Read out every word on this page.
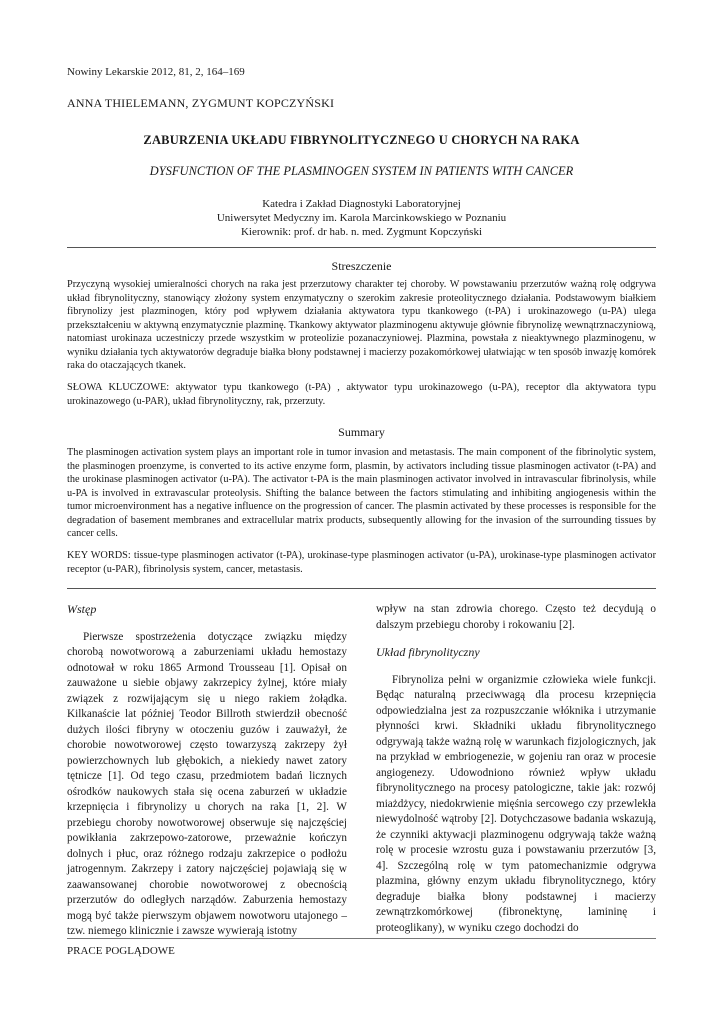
Nowiny Lekarskie 2012, 81, 2, 164–169
ANNA THIELEMANN, ZYGMUNT KOPCZYŃSKI
ZABURZENIA UKŁADU FIBRYNOLITYCZNEGO U CHORYCH NA RAKA
DYSFUNCTION OF THE PLASMINOGEN SYSTEM IN PATIENTS WITH CANCER
Katedra i Zakład Diagnostyki Laboratoryjnej
Uniwersytet Medyczny im. Karola Marcinkowskiego w Poznaniu
Kierownik: prof. dr hab. n. med. Zygmunt Kopczyński
Streszczenie

Przyczyną wysokiej umieralności chorych na raka jest przerzutowy charakter tej choroby. W powstawaniu przerzutów ważną rolę odgrywa układ fibrynolityczny, stanowiący złożony system enzymatyczny o szerokim zakresie proteolitycznego działania. Podstawowym białkiem fibrynolizy jest plazminogen, który pod wpływem działania aktywatora typu tkankowego (t-PA) i urokinazowego (u-PA) ulega przekształceniu w aktywną enzymatycznie plazminę. Tkankowy aktywator plazminogenu aktywuje głównie fibrynolizę wewnątrznaczyniową, natomiast urokinaza uczestniczy przede wszystkim w proteolizie pozanaczyniowej. Plazmina, powstała z nieaktywnego plazminogenu, w wyniku działania tych aktywatorów degraduje białka błony podstawnej i macierzy pozakomórkowej ułatwiając w ten sposób inwazję komórek raka do otaczających tkanek.

SŁOWA KLUCZOWE: aktywator typu tkankowego (t-PA) , aktywator typu urokinazowego (u-PA), receptor dla aktywatora typu urokinazowego (u-PAR), układ fibrynolityczny, rak, przerzuty.

Summary

The plasminogen activation system plays an important role in tumor invasion and metastasis. The main component of the fibrinolytic system, the plasminogen proenzyme, is converted to its active enzyme form, plasmin, by activators including tissue plasminogen activator (t-PA) and the urokinase plasminogen activator (u-PA). The activator t-PA is the main plasminogen activator involved in intravascular fibrinolysis, while u-PA is involved in extravascular proteolysis. Shifting the balance between the factors stimulating and inhibiting angiogenesis within the tumor microenvironment has a negative influence on the progression of cancer. The plasmin activated by these processes is responsible for the degradation of basement membranes and extracellular matrix products, subsequently allowing for the invasion of the surrounding tissues by cancer cells.

KEY WORDS: tissue-type plasminogen activator (t-PA), urokinase-type plasminogen activator (u-PA), urokinase-type plasminogen activator receptor (u-PAR), fibrinolysis system, cancer, metastasis.

Wstęp

Pierwsze spostrzeżenia dotyczące związku między chorobą nowotworową a zaburzeniami układu hemostazy odnotował w roku 1865 Armond Trousseau [1]. Opisał on zauważone u siebie objawy zakrzepicy żylnej, które miały związek z rozwijającym się u niego rakiem żołądka. Kilkanaście lat później Teodor Billroth stwierdził obecność dużych ilości fibryny w otoczeniu guzów i zauważył, że chorobie nowotworowej często towarzyszą zakrzepy żył powierzchownych lub głębokich, a niekiedy nawet zatory tętnicze [1]. Od tego czasu, przedmiotem badań licznych ośrodków naukowych stała się ocena zaburzeń w układzie krzepnięcia i fibrynolizy u chorych na raka [1, 2]. W przebiegu choroby nowotworowej obserwuje się najczęściej powikłania zakrzepowo-zatorowe, przeważnie kończyn dolnych i płuc, oraz różnego rodzaju zakrzepice o podłożu jatrogennym. Zakrzepy i zatory najczęściej pojawiają się w zaawansowanej chorobie nowotworowej z obecnością przerzutów do odległych narządów. Zaburzenia hemostazy mogą być także pierwszym objawem nowotworu utajonego – tzw. niemego klinicznie i zawsze wywierają istotny

wpływ na stan zdrowia chorego. Często też decydują o dalszym przebiegu choroby i rokowaniu [2].

Układ fibrynolityczny

Fibrynoliza pełni w organizmie człowieka wiele funkcji. Będąc naturalną przeciwwagą dla procesu krzepnięcia odpowiedzialna jest za rozpuszczanie włóknika i utrzymanie płynności krwi. Składniki układu fibrynolitycznego odgrywają także ważną rolę w warunkach fizjologicznych, jak na przykład w embriogenezie, w gojeniu ran oraz w procesie angiogenezy. Udowodniono również wpływ układu fibrynolitycznego na procesy patologiczne, takie jak: rozwój miażdżycy, niedokrwienie mięśnia sercowego czy przewlekła niewydolność wątroby [2]. Dotychczasowe badania wskazują, że czynniki aktywacji plazminogenu odgrywają także ważną rolę w procesie wzrostu guza i powstawaniu przerzutów [3, 4]. Szczególną rolę w tym patomechanizmie odgrywa plazmina, główny enzym układu fibrynolitycznego, który degraduje białka błony podstawnej i macierzy zewnątrzkomórkowej (fibronektynę, lamininę i proteoglikany), w wyniku czego dochodzi do

PRACE POGLĄDOWE
